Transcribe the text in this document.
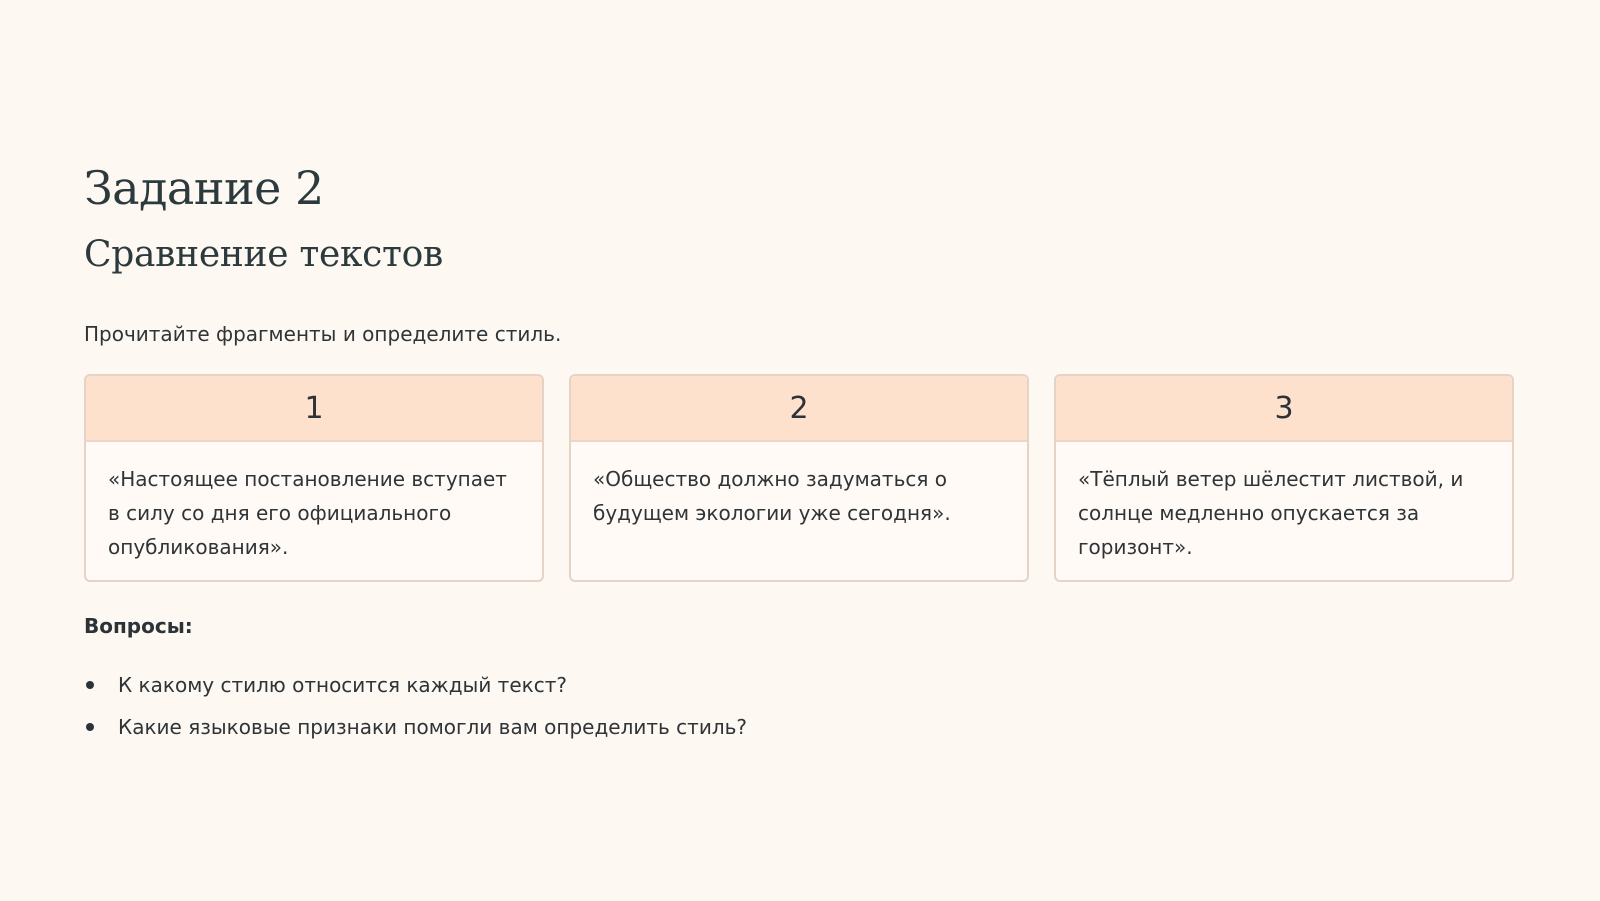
Задание 2
Сравнение текстов

Прочитайте фрагменты и определите стиль.

1
«Настоящее постановление вступает в силу со дня его официального опубликования».
2
«Общество должно задуматься о будущем экологии уже сегодня».
3
«Тёплый ветер шёлестит листвой, и солнце медленно опускается за горизонт».

Вопросы:

К какому стилю относится каждый текст?
Какие языковые признаки помогли вам определить стиль?
